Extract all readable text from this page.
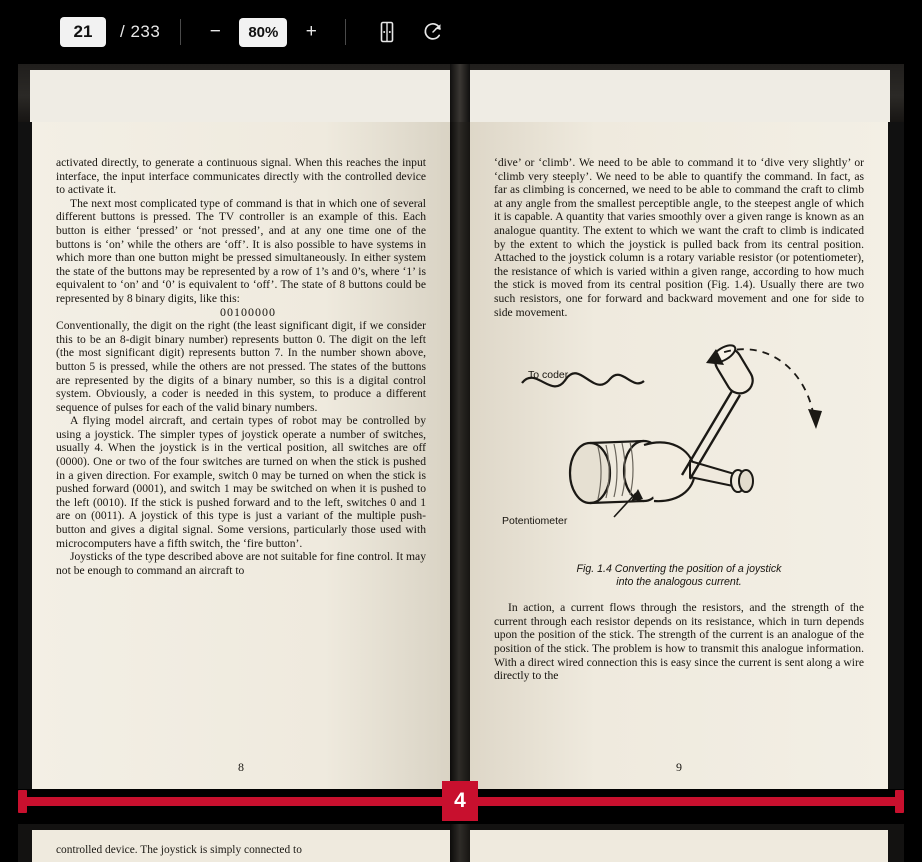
21	/ 233	−	80%	+

activated directly, to generate a continuous signal. When this reaches the input interface, the input interface communicates directly with the controlled device to activate it.

The next most complicated type of command is that in which one of several different buttons is pressed. The TV controller is an example of this. Each button is either ‘pressed’ or ‘not pressed’, and at any one time one of the buttons is ‘on’ while the others are ‘off’. It is also possible to have systems in which more than one button might be pressed simultaneously. In either system the state of the buttons may be represented by a row of 1’s and 0’s, where ‘1’ is equivalent to ‘on’ and ‘0’ is equivalent to ‘off’. The state of 8 buttons could be represented by 8 binary digits, like this:

00100000

Conventionally, the digit on the right (the least significant digit, if we consider this to be an 8-digit binary number) represents button 0. The digit on the left (the most significant digit) represents button 7. In the number shown above, button 5 is pressed, while the others are not pressed. The states of the buttons are represented by the digits of a binary number, so this is a digital control system. Obviously, a coder is needed in this system, to produce a different sequence of pulses for each of the valid binary numbers.

A flying model aircraft, and certain types of robot may be controlled by using a joystick. The simpler types of joystick operate a number of switches, usually 4. When the joystick is in the vertical position, all switches are off (0000). One or two of the four switches are turned on when the stick is pushed in a given direction. For example, switch 0 may be turned on when the stick is pushed forward (0001), and switch 1 may be switched on when it is pushed to the left (0010). If the stick is pushed forward and to the left, switches 0 and 1 are on (0011). A joystick of this type is just a variant of the multiple push-button and gives a digital signal. Some versions, particularly those used with microcomputers have a fifth switch, the ‘fire button’.

Joysticks of the type described above are not suitable for fine control. It may not be enough to command an aircraft to

8

‘dive’ or ‘climb’. We need to be able to command it to ‘dive very slightly’ or ‘climb very steeply’. We need to be able to quantify the command. In fact, as far as climbing is concerned, we need to be able to command the craft to climb at any angle from the smallest perceptible angle, to the steepest angle of which it is capable. A quantity that varies smoothly over a given range is known as an analogue quantity. The extent to which we want the craft to climb is indicated by the extent to which the joystick is pulled back from its central position. Attached to the joystick column is a rotary variable resistor (or potentiometer), the resistance of which is varied within a given range, according to how much the stick is moved from its central position (Fig. 1.4). Usually there are two such resistors, one for forward and backward movement and one for side to side movement.

To coder
Potentiometer
Fig. 1.4 Converting the position of a joystick
into the analogous current.

In action, a current flows through the resistors, and the strength of the current through each resistor depends on its resistance, which in turn depends upon the position of the stick. The strength of the current is an analogue of the position of the stick. The problem is how to transmit this analogue information. With a direct wired connection this is easy since the current is sent along a wire directly to the

9
4
controlled device. The joystick is simply connected to
